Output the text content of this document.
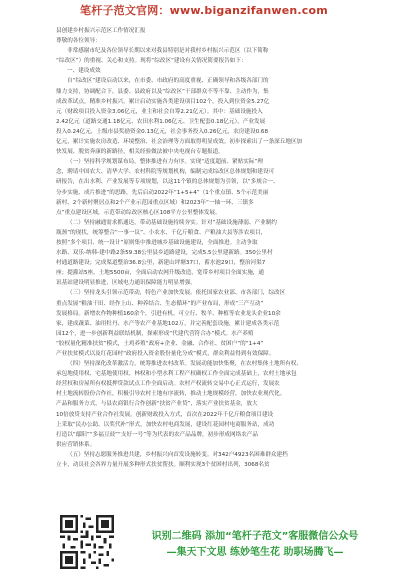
笔杆子范文官网：www.biganzifanwen.com
县创建乡村振兴示范区工作情况汇报
尊敬的各位领导：
非常感谢市纪及各位领导长期以来对我县特别是对我村乡村振兴示范区（以下简称
“综改区”）的重视、关心和支持。现将“综改区”建设有关情况简要报告如下：
一、建设成效
自“综改区”建设启动以来，在市委、市政府的高度重视、正确领导和各级各部门的
鼎力支持，协调配合下，县委、县政府以及“综改区”干部群众不等不靠、主动作为，集
成改革试点，精准乡村振兴，累计启动实施各类建设项目102个，投入到位资金5.27亿
元（财政项目投入资金3.06亿元，业主和社会自筹2.21亿元）。其中：基础设施投入
2.42亿元（道路交通1.18亿元、农田水利1.06亿元、卫生配套0.18亿元），产业发展
投入0.24亿元，上级市县奖励资金0.13亿元，社会事务投入0.26亿元，农房建设0.68
亿元，累计实施农房改造、环境整治、社会治理等方面取得明显成效。初步探索出了一条深丘地区加
快发展、脱贫奔康的新路径，相关经验做法被中央电视台专题报道。
（一）坚持科学规划谋布局，整体推进有力有序。实现“适度超前、紧贴实际”理
念，聘请中国农大、清华大学、农村科院等规划机构，编制完成综改区总体规划和建设可
研报告，在出水利、产业发展等专项规划，以这11个镇的总体规划为引领，以“多规合一、
分步实施、成片推进”的思路，先后启动2022年“1+5+4”（1个重点镇、5个示范美丽
新村、2个新村聚居点和2个产业示范园重点区域）和2023年“一轴一环、三镇多
点”重点建设区域，示范带动综改区核心区108平方公里整体发展。
（二）坚持融通需求抓通达，带动基础设施持续夯实。针对“基础设施薄弱、产业制约
瓶颈”的现状，统筹整合“一事一议”、小农水、千亿斤粮食、产粮油大县等涉农项目，
按照“多个项目、统一设计”原则集中推进城乡基础设施建设，全面推进。主动争取
水路、双乐-纳韩-建中路2条59.38公里县乡道路建设，完成5.5公里建新路。350公里村
村通道路建设；完成渠道整治36.8公里，新建山坪塘37口，蓄水池29口，整治河渠7
座；提灌站5座，土地5500亩，全面启动农网升级改造，宽带乡村项目全面实施，通
讯基站建设明显推进，区域电力通讯保障能力明显增强。
（三）坚持龙头引领示范带动，特色产业加快发展。依托国家农业部、市各部门，综改区
重点发展“粮油干田、经作上山、种养结合、生态循环”的产业布局，形成“三产互动”
发展格局。新增农作物种植160余个，引进有机、可立行、牧羊、种植等农业龙头企业10余
家，建成蔬菜、油用牡丹、水产等农产业基地102万，并完善配套设施，累计建成各类示范
园12个，进一步创新利益联结机制，探索形成“代建代营符合办”模式。水产养殖
“胶权量化精准扶贫”模式，土鸡养殖“政府+企业、金融、合作社、贫困户”的“1+4”
产业扶贫模式以及红花园村“政府投入资金股份量化分成”模式，群众利益得到有效保障。
（四）坚持深化改革激活力，统筹推进农村改革。发展动能加快集聚，在农村集体土地所有权、
承包地使用权、宅基地使用权、林权和小型水利工程产权确权工作全面完成基础上，农村土地承包
经营权和房屋所有权抵押贷款试点工作全面启动。农村产权流转交易中心正式运行，发展农
村土地流转股份合作社，积极引导农村土地有序流转，推动土地规模经营，加快农业现代化。
产品和服务方式，与县农商银行合作创新“扶贫产业贷”，落实产业扶贫基金，放大
10倍放贷支持产业合作社发展。创新财政投入方式，首次在2022年千亿斤粮食项目建设
上采取“民办公助、以奖代补”形式，加快农村电商发展，建设红花园村电商服务站，成功
打造以“鄢阳”“多福豆豉”“支好一号”等为代表的农产品品牌，初步形成网络农产品
供应营销体系。
（五）坚持志愿服务推进共建，乡村振兴向首发设施转变。对342户4923名困难群众建档
立卡，动员社会各界力量开展多种形式扶贫帮扶。顺利实现3个贫困村出列，3068名贫
识别二维码 添加“笔杆子范文”客服微信公众号
—集天下文思 练妙笔生花 助职场腾飞—
